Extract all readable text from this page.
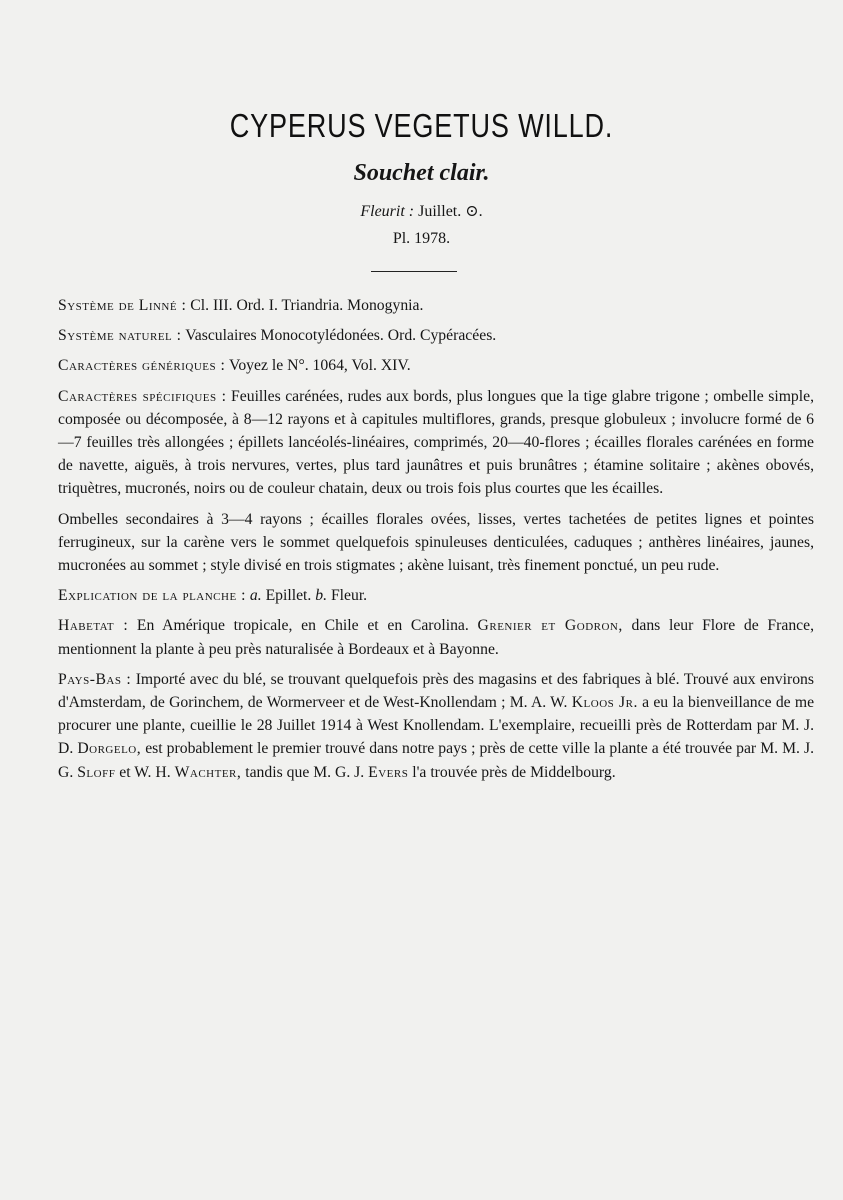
CYPERUS VEGETUS WILLD.
Souchet clair.
Fleurit : Juillet. ⊙.
Pl. 1978.

Système de Linné : Cl. III. Ord. I. Triandria. Monogynia.

Système naturel : Vasculaires Monocotylédonées. Ord. Cypéracées.

Caractères génériques : Voyez le N°. 1064, Vol. XIV.

Caractères spécifiques : Feuilles carénées, rudes aux bords, plus longues que la tige glabre trigone ; ombelle simple, composée ou décomposée, à 8—12 rayons et à capitules multiflores, grands, presque globuleux ; involucre formé de 6—7 feuilles très allongées ; épillets lancéolés-linéaires, comprimés, 20—40-flores ; écailles florales carénées en forme de navette, aiguës, à trois nervures, vertes, plus tard jaunâtres et puis brunâtres ; étamine solitaire ; akènes obovés, triquètres, mucronés, noirs ou de couleur chatain, deux ou trois fois plus courtes que les écailles.

Ombelles secondaires à 3—4 rayons ; écailles florales ovées, lisses, vertes tachetées de petites lignes et pointes ferrugineux, sur la carène vers le sommet quelquefois spinuleuses denticulées, caduques ; anthères linéaires, jaunes, mucronées au sommet ; style divisé en trois stigmates ; akène luisant, très finement ponctué, un peu rude.

Explication de la planche : a. Epillet. b. Fleur.

Habetat : En Amérique tropicale, en Chile et en Carolina. Grenier et Godron, dans leur Flore de France, mentionnent la plante à peu près naturalisée à Bordeaux et à Bayonne.

Pays-Bas : Importé avec du blé, se trouvant quelquefois près des magasins et des fabriques à blé. Trouvé aux environs d'Amsterdam, de Gorinchem, de Wormerveer et de West-Knollendam ; M. A. W. Kloos Jr. a eu la bienveillance de me procurer une plante, cueillie le 28 Juillet 1914 à West Knollendam. L'exemplaire, recueilli près de Rotterdam par M. J. D. Dorgelo, est probablement le premier trouvé dans notre pays ; près de cette ville la plante a été trouvée par M. M. J. G. Sloff et W. H. Wachter, tandis que M. G. J. Evers l'a trouvée près de Middelbourg.
